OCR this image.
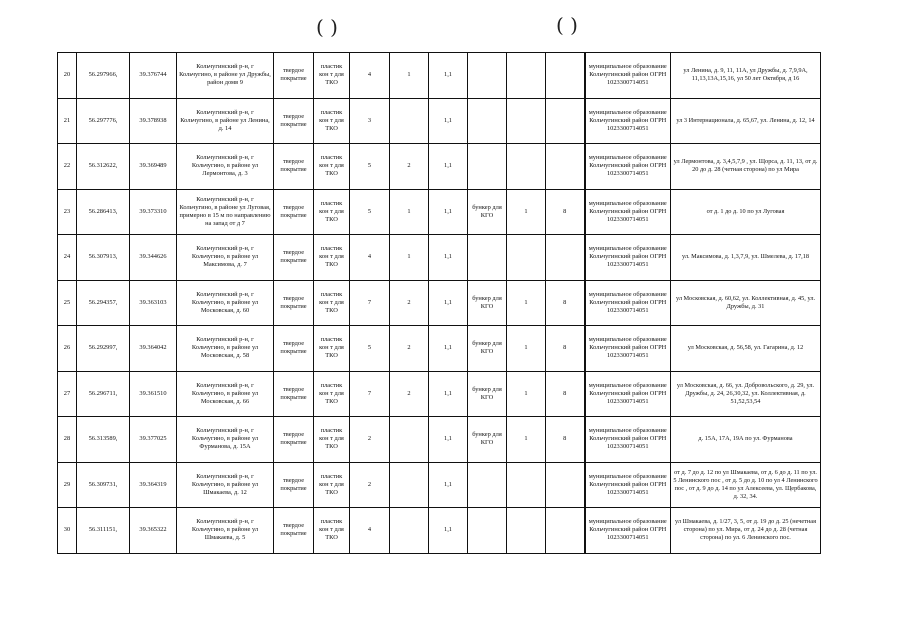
( )	( )
20	56.297966,	39.376744	Кольчугинский р-н, г Кольчугино, в районе ул Дружбы, район домв 9	твердое покрытие	пластик кон т для ТКО	4	1	1,1				муниципальное образование Кольчугинский район ОГРН 1023300714051	ул Ленина, д. 9, 11, 11А, ул Дружбы, д. 7,9,9А, 11,13,13А,15,16, ул 50 лет Октября, д 16
21	56.297776,	39.378938	Кольчугинский р-н, г Кольчугино, в районе ул Ленина, д. 14	твердое покрытие	пластик кон т для ТКО	3		1,1				муниципальное образование Кольчугинский район ОГРН 1023300714051	ул 3 Интернационала, д. 65,67, ул. Ленина, д. 12, 14
22	56.312622,	39.369489	Кольчугинский р-н, г Кольчугино, в районе ул Лермонтова, д. 3	твердое покрытие	пластик кон т для ТКО	5	2	1,1				муниципальное образование Кольчугинский район ОГРН 1023300714051	ул Лермонтова, д. 3,4,5,7,9 , ул. Щорса, д. 11, 13, от д. 20 до д. 28 (четная сторона) по ул Мира
23	56.286413,	39.373310	Кольчугинский р-н, г Кольчугино, в районе ул Луговая, примерно в 15 м по направлению на запад от д 7	твердое покрытие	пластик кон т для ТКО	5	1	1,1	бункер для КГО	1	8	муниципальное образование Кольчугинский район ОГРН 1023300714051	от д. 1 до д. 10 по ул Луговая
24	56.307913,	39.344626	Кольчугинский р-н, г Кольчугино, в районе ул Максимова, д. 7	твердое покрытие	пластик кон т для ТКО	4	1	1,1				муниципальное образование Кольчугинский район ОГРН 1023300714051	ул. Максимова, д. 1,3,7,9, ул. Шмелева, д. 17,18
25	56.294357,	39.363103	Кольчугинский р-н, г Кольчугино, в районе ул Московская, д. 60	твердое покрытие	пластик кон т для ТКО	7	2	1,1	бункер для КГО	1	8	муниципальное образование Кольчугинский район ОГРН 1023300714051	ул Московская, д. 60,62, ул. Коллективная, д. 45, ул. Дружбы, д. 31
26	56.292997,	39.364042	Кольчугинский р-н, г Кольчугино, в районе ул Московская, д. 58	твердое покрытие	пластик кон т для ТКО	5	2	1,1	бункер для КГО	1	8	муниципальное образование Кольчугинский район ОГРН 1023300714051	ул Московская, д. 56,58, ул. Гагарина, д. 12
27	56.296711,	39.361510	Кольчугинский р-н, г Кольчугино, в районе ул Московская, д. 66	твердое покрытие	пластик кон т для ТКО	7	2	1,1	бункер для КГО	1	8	муниципальное образование Кольчугинский район ОГРН 1023300714051	ул Московская, д. 66, ул. Добровольского, д. 29, ул. Дружбы, д. 24, 26,30,32, ул. Коллективная, д. 51,52,53,54
28	56.313589,	39.377025	Кольчугинский р-н, г Кольчугино, в районе ул Фурманова, д. 15А	твердое покрытие	пластик кон т для ТКО	2		1,1	бункер для КГО	1	8	муниципальное образование Кольчугинский район ОГРН 1023300714051	д. 15А, 17А, 19А по ул. Фурманова
29	56.309731,	39.364319	Кольчугинский р-н, г Кольчугино, в районе ул Шмакаева, д. 12	твердое покрытие	пластик кон т для ТКО	2		1,1				муниципальное образование Кольчугинский район ОГРН 1023300714051	от д. 7 до д. 12 по ул Шмакаева, от д. 6 до д. 11 по ул. 5 Ленинского пос , от д. 5 до д. 10 по ул 4 Ленинского пос , от д. 9 до д. 14 по ул Алексеева, ул. Щербакова, д. 32, 34.
30	56.311151,	39.365322	Кольчугинский р-н, г Кольчугино, в районе ул Шмакаева, д. 5	твердое покрытие	пластик кон т для ТКО	4		1,1				муниципальное образование Кольчугинский район ОГРН 1023300714051	ул Шмакаева, д. 1/27, 3, 5, от д. 19 до д. 25 (нечетная сторона) по ул. Мира, от д. 24 до д. 28 (четная сторона) по ул. 6 Ленинского пос.
